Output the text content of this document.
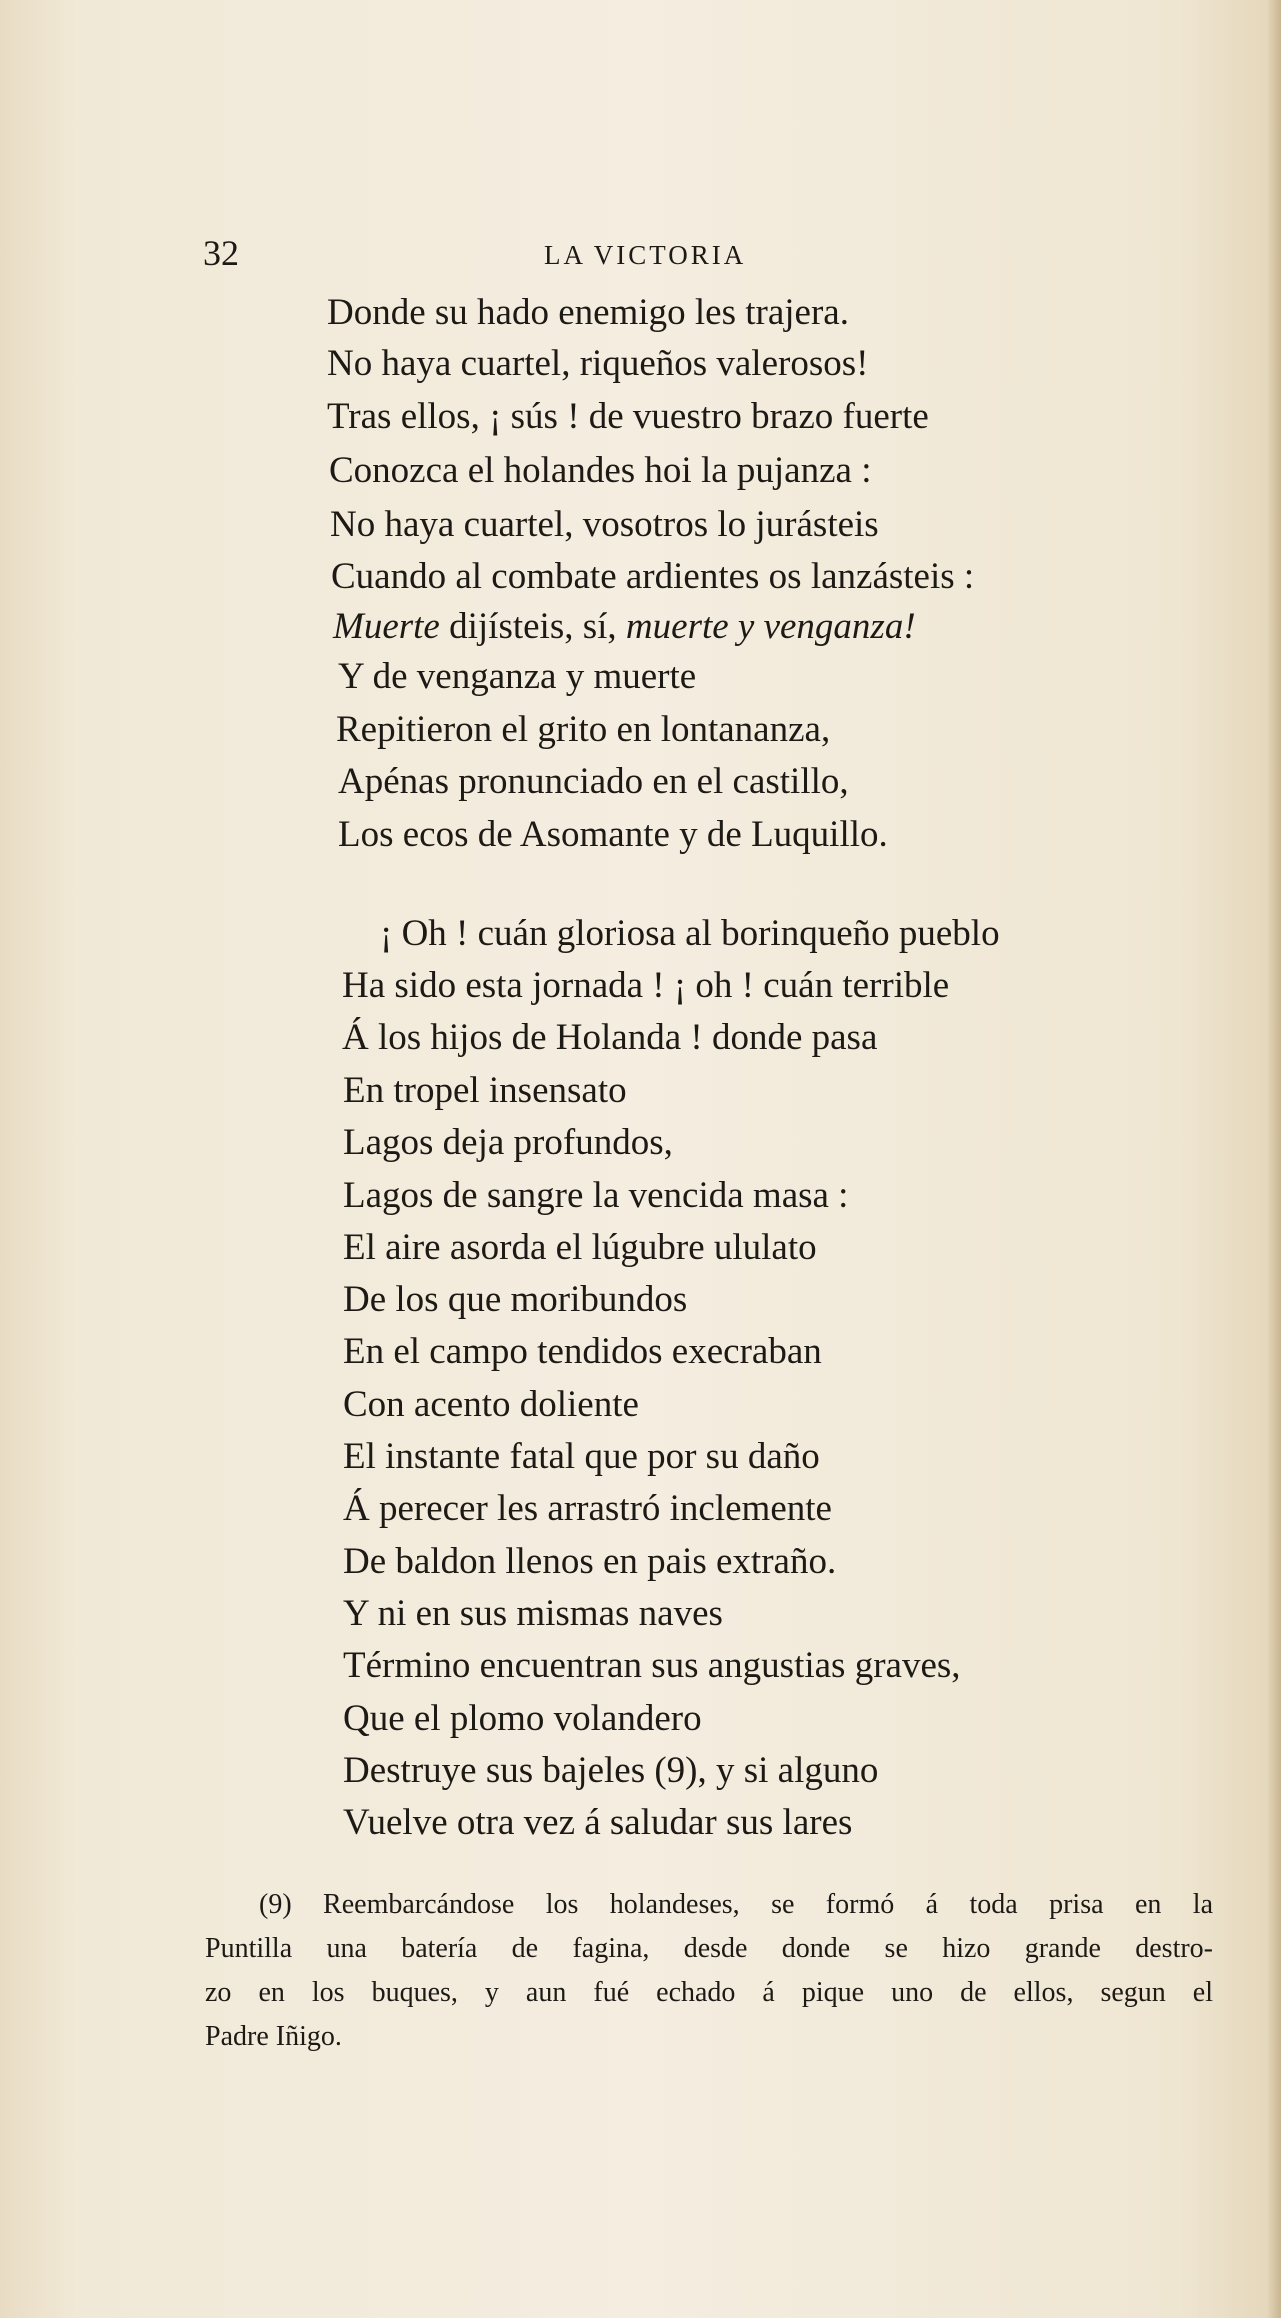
32	LA VICTORIA
Donde su hado enemigo les trajera.
No haya cuartel, riqueños valerosos!
Tras ellos, ¡ sús ! de vuestro brazo fuerte
Conozca el holandes hoi la pujanza :
No haya cuartel, vosotros lo jurásteis
Cuando al combate ardientes os lanzásteis :
Muerte dijísteis, sí, muerte y venganza!
Y de venganza y muerte
Repitieron el grito en lontananza,
Apénas pronunciado en el castillo,
Los ecos de Asomante y de Luquillo.
¡ Oh ! cuán gloriosa al borinqueño pueblo
Ha sido esta jornada ! ¡ oh ! cuán terrible
Á los hijos de Holanda ! donde pasa
En tropel insensato
Lagos deja profundos,
Lagos de sangre la vencida masa :
El aire asorda el lúgubre ululato
De los que moribundos
En el campo tendidos execraban
Con acento doliente
El instante fatal que por su daño
Á perecer les arrastró inclemente
De baldon llenos en pais extraño.
Y ni en sus mismas naves
Término encuentran sus angustias graves,
Que el plomo volandero
Destruye sus bajeles (9), y si alguno
Vuelve otra vez á saludar sus lares
(9) Reembarcándose los holandeses, se formó á toda prisa en la
Puntilla una batería de fagina, desde donde se hizo grande destro-
zo en los buques, y aun fué echado á pique uno de ellos, segun el
Padre Iñigo.
